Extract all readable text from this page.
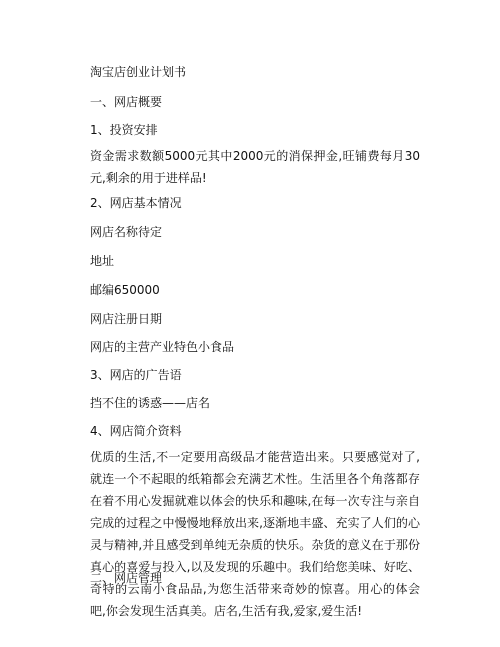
淘宝店创业计划书

一、网店概要

1、投资安排

资金需求数额5000元其中2000元的消保押金,旺铺费每月30元,剩余的用于进样品!

2、网店基本情况

网店名称待定

地址

邮编650000

网店注册日期

网店的主营产业特色小食品

3、网店的广告语

挡不住的诱惑——店名

4、网店简介资料

优质的生活,不一定要用高级品才能营造出来。只要感觉对了,就连一个不起眼的纸箱都会充满艺术性。生活里各个角落都存在着不用心发掘就难以体会的快乐和趣味,在每一次专注与亲自完成的过程之中慢慢地释放出来,逐渐地丰盛、充实了人们的心灵与精神,并且感受到单纯无杂质的快乐。杂货的意义在于那份真心的喜爱与投入,以及发现的乐趣中。我们给您美味、好吃、奇特的云南小食品品,为您生活带来奇妙的惊喜。用心的体会吧,你会发现生活真美。店名,生活有我,爱家,爱生活!

二、网店管理
